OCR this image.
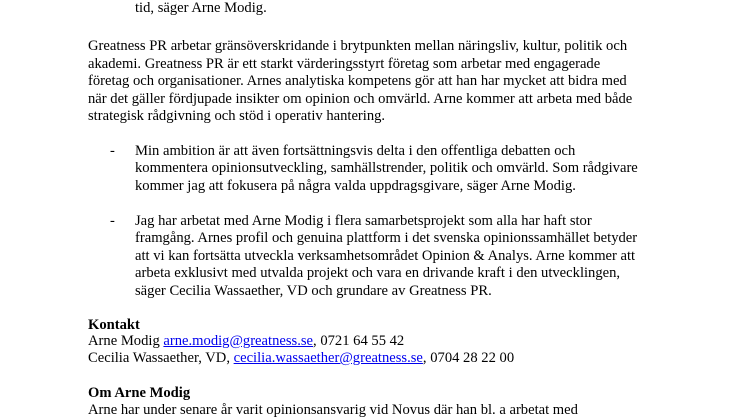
tid, säger Arne Modig.

Greatness PR arbetar gränsöverskridande i brytpunkten mellan näringsliv, kultur, politik och

akademi. Greatness PR är ett starkt värderingsstyrt företag som arbetar med engagerade

företag och organisationer. Arnes analytiska kompetens gör att han har mycket att bidra med

när det gäller fördjupade insikter om opinion och omvärld. Arne kommer att arbeta med både

strategisk rådgivning och stöd i operativ hantering.

- Min ambition är att även fortsättningsvis delta i den offentliga debatten och

kommentera opinionsutveckling, samhällstrender, politik och omvärld. Som rådgivare

kommer jag att fokusera på några valda uppdragsgivare, säger Arne Modig.

- Jag har arbetat med Arne Modig i flera samarbetsprojekt som alla har haft stor

framgång. Arnes profil och genuina plattform i det svenska opinionssamhället betyder

att vi kan fortsätta utveckla verksamhetsområdet Opinion & Analys. Arne kommer att

arbeta exklusivt med utvalda projekt och vara en drivande kraft i den utvecklingen,

säger Cecilia Wassaether, VD och grundare av Greatness PR.

Kontakt

Arne Modig arne.modig@greatness.se, 0721 64 55 42

Cecilia Wassaether, VD, cecilia.wassaether@greatness.se, 0704 28 22 00

Om Arne Modig

Arne har under senare år varit opinionsansvarig vid Novus där han bl. a arbetat med
